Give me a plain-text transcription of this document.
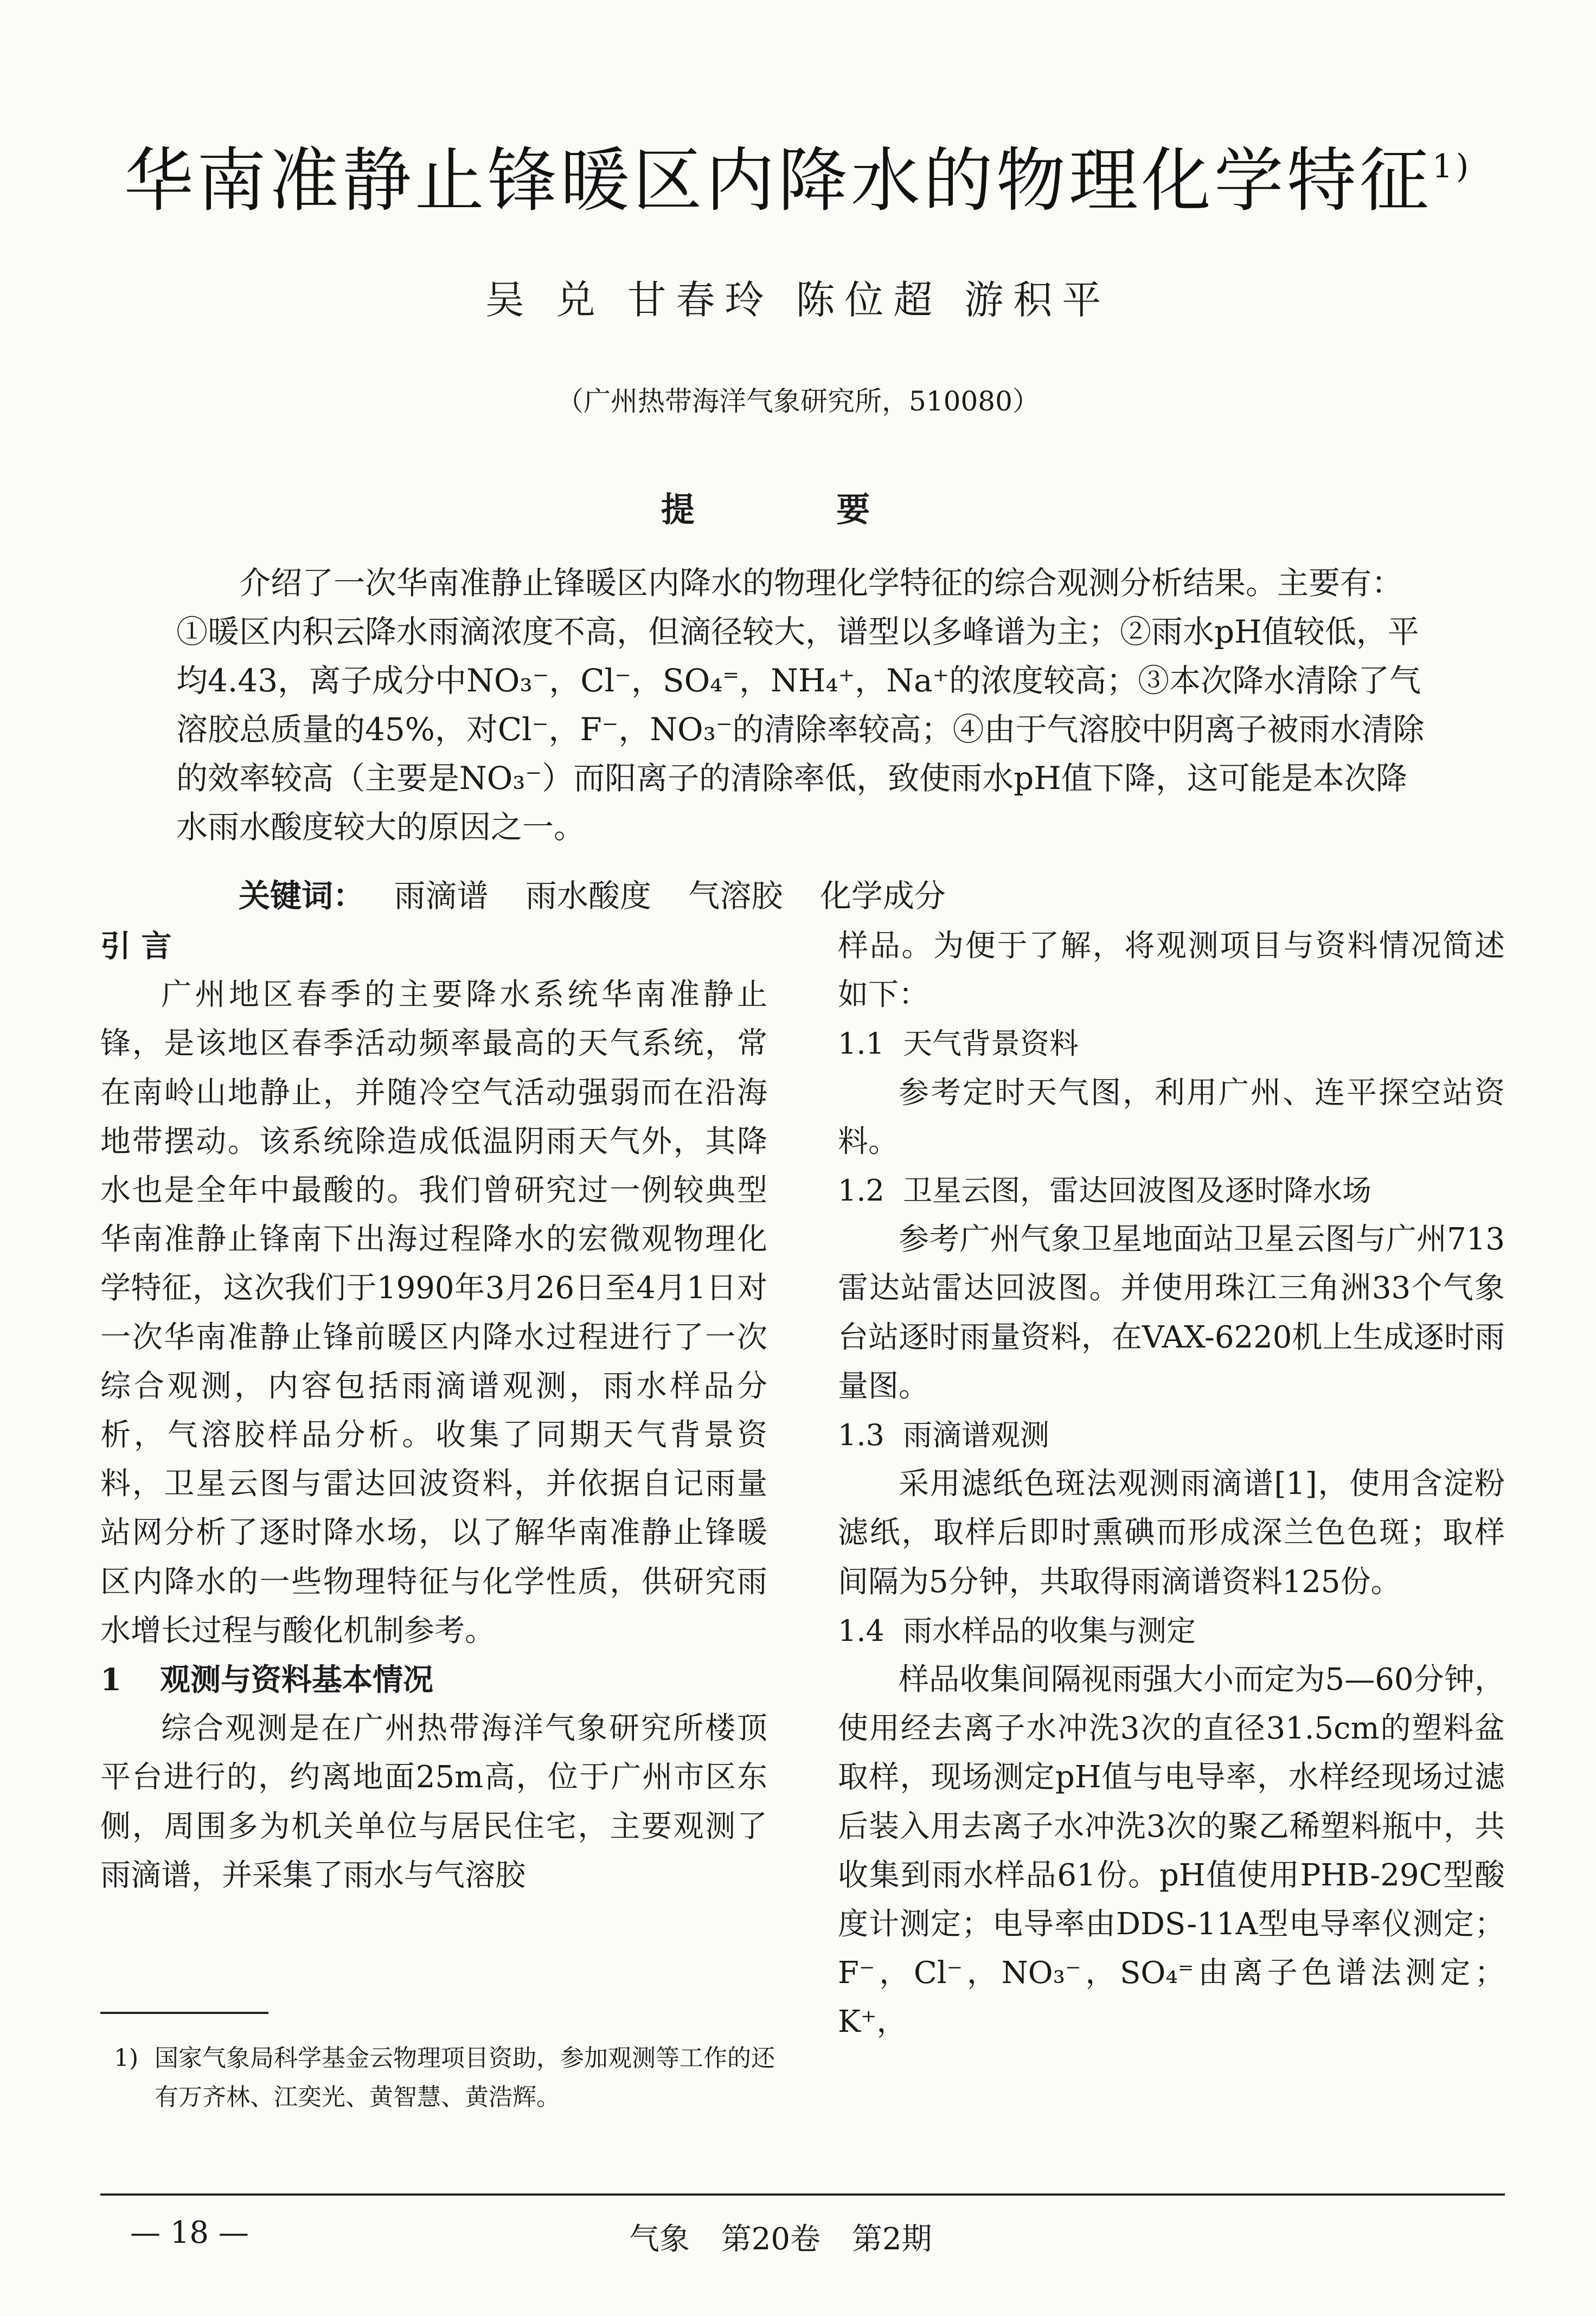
华南准静止锋暖区内降水的物理化学特征$^{1)}$
吴 兑 甘春玲 陈位超 游积平
（广州热带海洋气象研究所，510080）
提 要
介绍了一次华南准静止锋暖区内降水的物理化学特征的综合观测分析结果。主要有：①暖区内积云降水雨滴浓度不高，但滴径较大，谱型以多峰谱为主；②雨水pH值较低，平均4.43，离子成分中NO₃⁻，Cl⁻，SO₄⁼，NH₄⁺，Na⁺的浓度较高；③本次降水清除了气溶胶总质量的45%，对Cl⁻，F⁻，NO₃⁻的清除率较高；④由于气溶胶中阴离子被雨水清除的效率较高（主要是NO₃⁻）而阳离子的清除率低，致使雨水pH值下降，这可能是本次降水雨水酸度较大的原因之一。
关键词： 雨滴谱 雨水酸度 气溶胶 化学成分
引 言

广州地区春季的主要降水系统华南准静止锋，是该地区春季活动频率最高的天气系统，常在南岭山地静止，并随冷空气活动强弱而在沿海地带摆动。该系统除造成低温阴雨天气外，其降水也是全年中最酸的。我们曾研究过一例较典型华南准静止锋南下出海过程降水的宏微观物理化学特征，这次我们于1990年3月26日至4月1日对一次华南准静止锋前暖区内降水过程进行了一次综合观测，内容包括雨滴谱观测，雨水样品分析，气溶胶样品分析。收集了同期天气背景资料，卫星云图与雷达回波资料，并依据自记雨量站网分析了逐时降水场，以了解华南准静止锋暖区内降水的一些物理特征与化学性质，供研究雨水增长过程与酸化机制参考。

1 观测与资料基本情况

综合观测是在广州热带海洋气象研究所楼顶平台进行的，约离地面25m高，位于广州市区东侧，周围多为机关单位与居民住宅，主要观测了雨滴谱，并采集了雨水与气溶胶

1) 国家气象局科学基金云物理项目资助，参加观测等工作的还有万齐林、江奕光、黄智慧、黄浩辉。

样品。为便于了解，将观测项目与资料情况简述如下：

1.1 天气背景资料

参考定时天气图，利用广州、连平探空站资料。

1.2 卫星云图，雷达回波图及逐时降水场

参考广州气象卫星地面站卫星云图与广州713雷达站雷达回波图。并使用珠江三角洲33个气象台站逐时雨量资料，在VAX-6220机上生成逐时雨量图。

1.3 雨滴谱观测

采用滤纸色斑法观测雨滴谱[1]，使用含淀粉滤纸，取样后即时熏碘而形成深兰色色斑；取样间隔为5分钟，共取得雨滴谱资料125份。

1.4 雨水样品的收集与测定

样品收集间隔视雨强大小而定为5—60分钟，使用经去离子水冲洗3次的直径31.5cm的塑料盆取样，现场测定pH值与电导率，水样经现场过滤后装入用去离子水冲洗3次的聚乙稀塑料瓶中，共收集到雨水样品61份。pH值使用PHB-29C型酸度计测定；电导率由DDS-11A型电导率仪测定；F⁻，Cl⁻，NO₃⁻，SO₄⁼由离子色谱法测定；K⁺，

— 18 —	气象 第20卷 第2期
